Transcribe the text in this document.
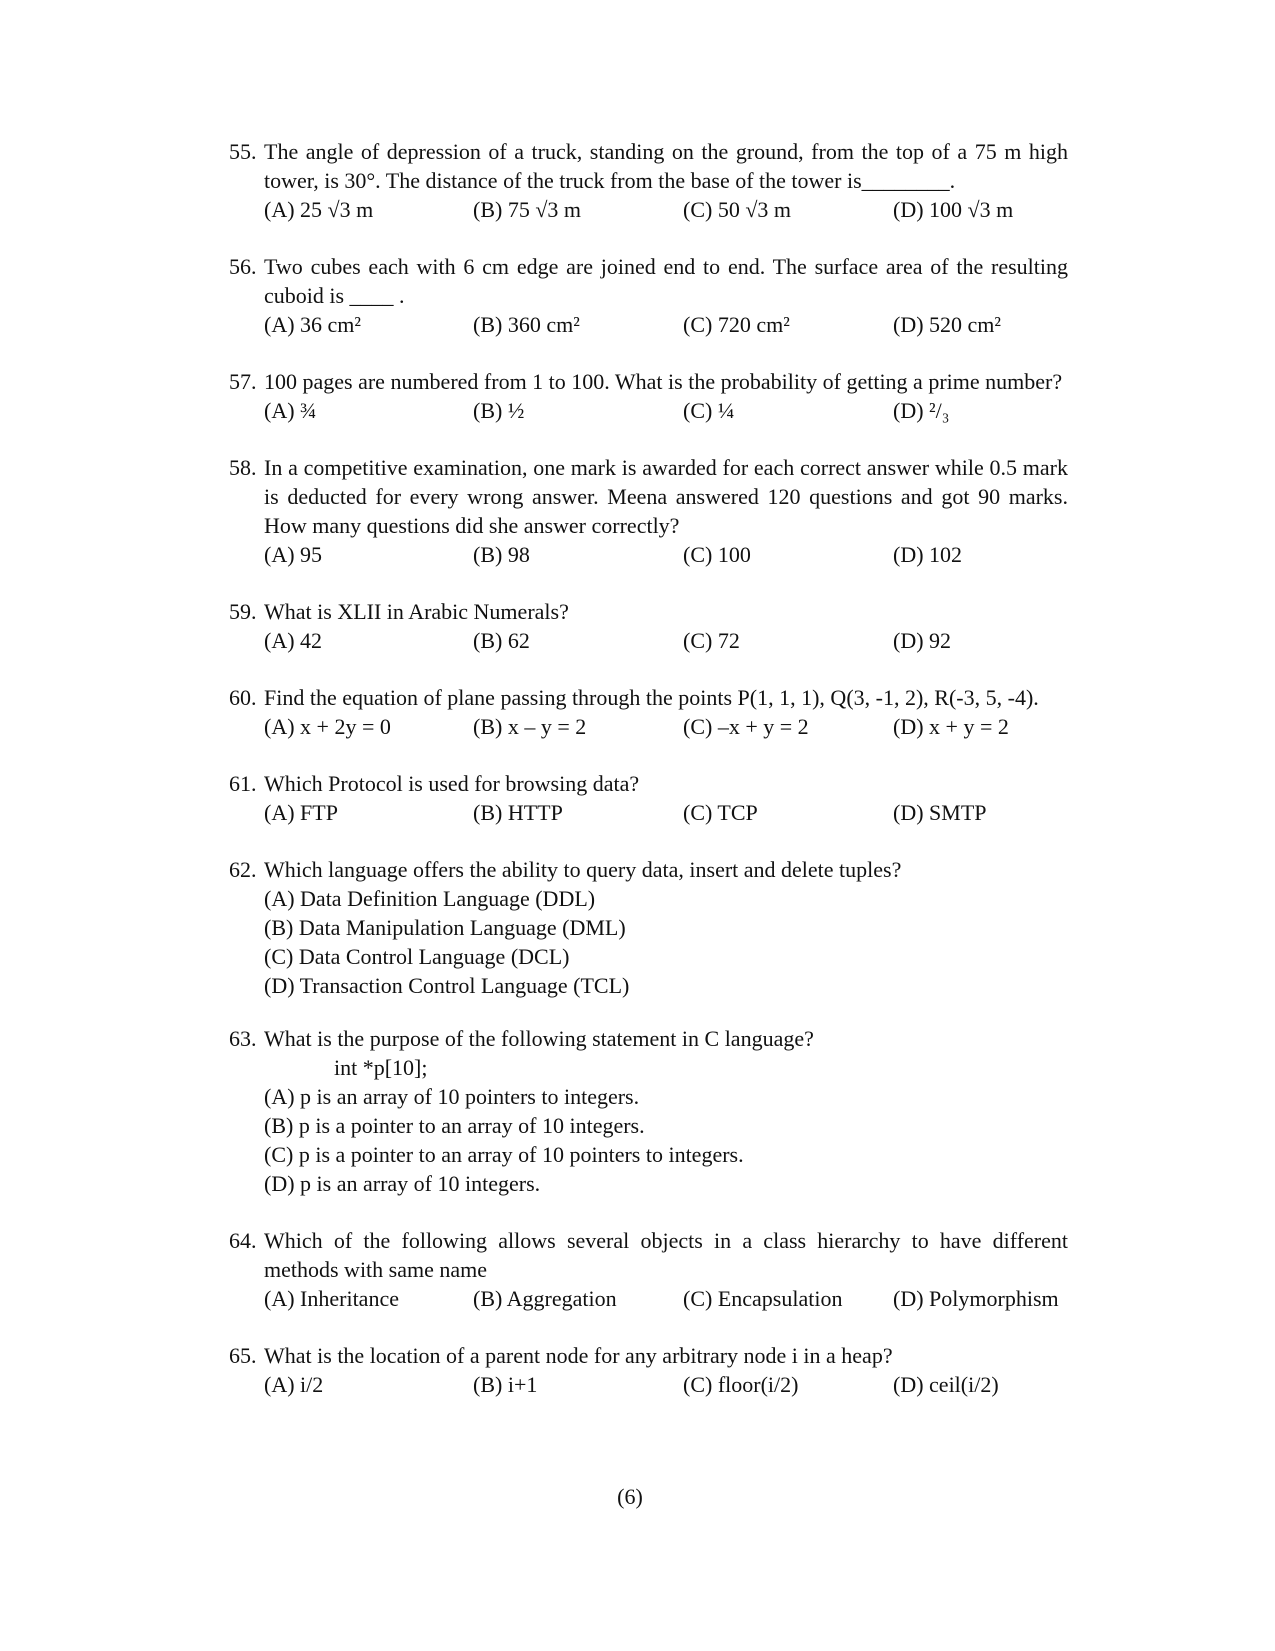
55. The angle of depression of a truck, standing on the ground, from the top of a 75 m high tower, is 30°. The distance of the truck from the base of the tower is________.
(A) 25 √3 m	(B) 75 √3 m	(C) 50 √3 m	(D) 100 √3 m
56. Two cubes each with 6 cm edge are joined end to end. The surface area of the resulting cuboid is ____ .
(A) 36 cm²	(B) 360 cm²	(C) 720 cm²	(D) 520 cm²
57. 100 pages are numbered from 1 to 100. What is the probability of getting a prime number?
(A) ¾	(B) ½	(C) ¼	(D) ²/₃
58. In a competitive examination, one mark is awarded for each correct answer while 0.5 mark is deducted for every wrong answer. Meena answered 120 questions and got 90 marks. How many questions did she answer correctly?
(A) 95	(B) 98	(C) 100	(D) 102
59. What is XLII in Arabic Numerals?
(A) 42	(B) 62	(C) 72	(D) 92
60. Find the equation of plane passing through the points P(1, 1, 1), Q(3, -1, 2), R(-3, 5, -4).
(A) x + 2y = 0	(B) x – y = 2	(C) –x + y = 2	(D) x + y = 2
61. Which Protocol is used for browsing data?
(A) FTP	(B) HTTP	(C) TCP	(D) SMTP
62. Which language offers the ability to query data, insert and delete tuples?
(A) Data Definition Language (DDL)
(B) Data Manipulation Language (DML)
(C) Data Control Language (DCL)
(D) Transaction Control Language (TCL)
63. What is the purpose of the following statement in C language?
int *p[10];
(A) p is an array of 10 pointers to integers.
(B) p is a pointer to an array of 10 integers.
(C) p is a pointer to an array of 10 pointers to integers.
(D) p is an array of 10 integers.
64. Which of the following allows several objects in a class hierarchy to have different methods with same name
(A) Inheritance	(B) Aggregation	(C) Encapsulation (D) Polymorphism
65. What is the location of a parent node for any arbitrary node i in a heap?
(A) i/2	(B) i+1	(C) floor(i/2)	(D) ceil(i/2)
(6)
